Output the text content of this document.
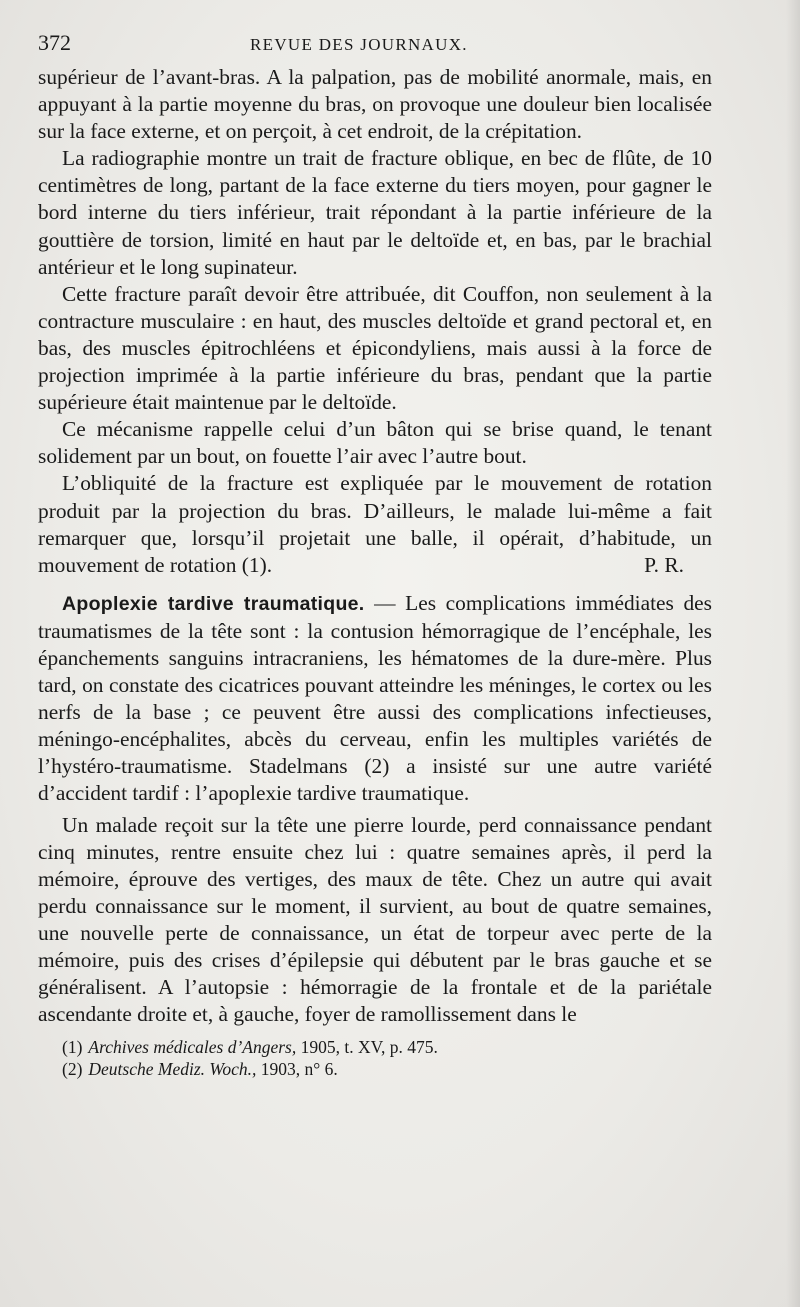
372	REVUE DES JOURNAUX.

supérieur de l’avant-bras. A la palpation, pas de mobilité anormale, mais, en appuyant à la partie moyenne du bras, on provoque une douleur bien localisée sur la face externe, et on perçoit, à cet endroit, de la crépitation.

La radiographie montre un trait de fracture oblique, en bec de flûte, de 10 centimètres de long, partant de la face externe du tiers moyen, pour gagner le bord interne du tiers inférieur, trait répondant à la partie inférieure de la gouttière de torsion, limité en haut par le deltoïde et, en bas, par le brachial antérieur et le long supinateur.

Cette fracture paraît devoir être attribuée, dit Couffon, non seulement à la contracture musculaire : en haut, des muscles deltoïde et grand pectoral et, en bas, des muscles épitrochléens et épicondyliens, mais aussi à la force de projection imprimée à la partie inférieure du bras, pendant que la partie supérieure était maintenue par le deltoïde.

Ce mécanisme rappelle celui d’un bâton qui se brise quand, le tenant solidement par un bout, on fouette l’air avec l’autre bout.

L’obliquité de la fracture est expliquée par le mouvement de rotation produit par la projection du bras. D’ailleurs, le malade lui-même a fait remarquer que, lorsqu’il projetait une balle, il opérait, d’habitude, un mouvement de rotation (1).	P. R.

Apoplexie tardive traumatique. — Les complications immédiates des traumatismes de la tête sont : la contusion hémorragique de l’encéphale, les épanchements sanguins intracraniens, les hématomes de la dure-mère. Plus tard, on constate des cicatrices pouvant atteindre les méninges, le cortex ou les nerfs de la base ; ce peuvent être aussi des complications infectieuses, méningo-encéphalites, abcès du cerveau, enfin les multiples variétés de l’hystéro-traumatisme. Stadelmans (2) a insisté sur une autre variété d’accident tardif : l’apoplexie tardive traumatique.

Un malade reçoit sur la tête une pierre lourde, perd connaissance pendant cinq minutes, rentre ensuite chez lui : quatre semaines après, il perd la mémoire, éprouve des vertiges, des maux de tête. Chez un autre qui avait perdu connaissance sur le moment, il survient, au bout de quatre semaines, une nouvelle perte de connaissance, un état de torpeur avec perte de la mémoire, puis des crises d’épilepsie qui débutent par le bras gauche et se généralisent. A l’autopsie : hémorragie de la frontale et de la pariétale ascendante droite et, à gauche, foyer de ramollissement dans le

(1) Archives médicales d’Angers, 1905, t. XV, p. 475.
(2) Deutsche Mediz. Woch., 1903, n° 6.
